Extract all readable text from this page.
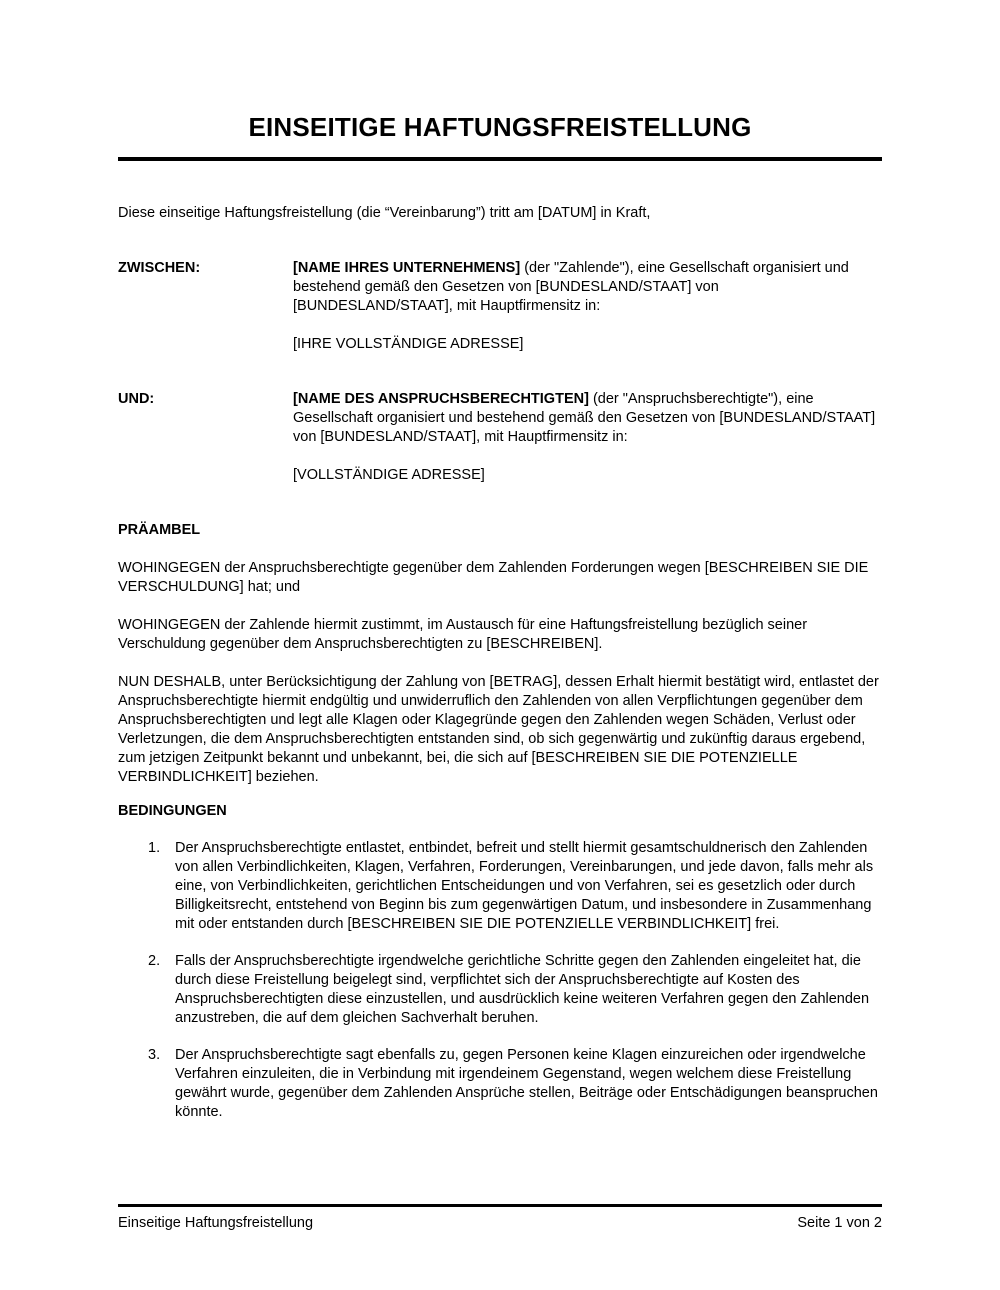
EINSEITIGE HAFTUNGSFREISTELLUNG

Diese einseitige Haftungsfreistellung (die “Vereinbarung”) tritt am [DATUM] in Kraft,

ZWISCHEN:	[NAME IHRES UNTERNEHMENS] (der "Zahlende"), eine Gesellschaft organisiert und bestehend gemäß den Gesetzen von [BUNDESLAND/STAAT] von [BUNDESLAND/STAAT], mit Hauptfirmensitz in:

[IHRE VOLLSTÄNDIGE ADRESSE]

UND:	[NAME DES ANSPRUCHSBERECHTIGTEN] (der "Anspruchsberechtigte"), eine Gesellschaft organisiert und bestehend gemäß den Gesetzen von [BUNDESLAND/STAAT] von [BUNDESLAND/STAAT], mit Hauptfirmensitz in:

[VOLLSTÄNDIGE ADRESSE]

PRÄAMBEL

WOHINGEGEN der Anspruchsberechtigte gegenüber dem Zahlenden Forderungen wegen [BESCHREIBEN SIE DIE VERSCHULDUNG] hat; und

WOHINGEGEN der Zahlende hiermit zustimmt, im Austausch für eine Haftungsfreistellung bezüglich seiner Verschuldung gegenüber dem Anspruchsberechtigten zu [BESCHREIBEN].

NUN DESHALB, unter Berücksichtigung der Zahlung von [BETRAG], dessen Erhalt hiermit bestätigt wird, entlastet der Anspruchsberechtigte hiermit endgültig und unwiderruflich den Zahlenden von allen Verpflichtungen gegenüber dem Anspruchsberechtigten und legt alle Klagen oder Klagegründe gegen den Zahlenden wegen Schäden, Verlust oder Verletzungen, die dem Anspruchsberechtigten entstanden sind, ob sich gegenwärtig und zukünftig daraus ergebend, zum jetzigen Zeitpunkt bekannt und unbekannt, bei, die sich auf [BESCHREIBEN SIE DIE POTENZIELLE VERBINDLICHKEIT] beziehen.

BEDINGUNGEN
1. Der Anspruchsberechtigte entlastet, entbindet, befreit und stellt hiermit gesamtschuldnerisch den Zahlenden von allen Verbindlichkeiten, Klagen, Verfahren, Forderungen, Vereinbarungen, und jede davon, falls mehr als eine, von Verbindlichkeiten, gerichtlichen Entscheidungen und von Verfahren, sei es gesetzlich oder durch Billigkeitsrecht, entstehend von Beginn bis zum gegenwärtigen Datum, und insbesondere in Zusammenhang mit oder entstanden durch [BESCHREIBEN SIE DIE POTENZIELLE VERBINDLICHKEIT] frei.

2. Falls der Anspruchsberechtigte irgendwelche gerichtliche Schritte gegen den Zahlenden eingeleitet hat, die durch diese Freistellung beigelegt sind, verpflichtet sich der Anspruchsberechtigte auf Kosten des Anspruchsberechtigten diese einzustellen, und ausdrücklich keine weiteren Verfahren gegen den Zahlenden anzustreben, die auf dem gleichen Sachverhalt beruhen.

3. Der Anspruchsberechtigte sagt ebenfalls zu, gegen Personen keine Klagen einzureichen oder irgendwelche Verfahren einzuleiten, die in Verbindung mit irgendeinem Gegenstand, wegen welchem diese Freistellung gewährt wurde, gegenüber dem Zahlenden Ansprüche stellen, Beiträge oder Entschädigungen beanspruchen könnte.

Einseitige Haftungsfreistellung	Seite 1 von 2
